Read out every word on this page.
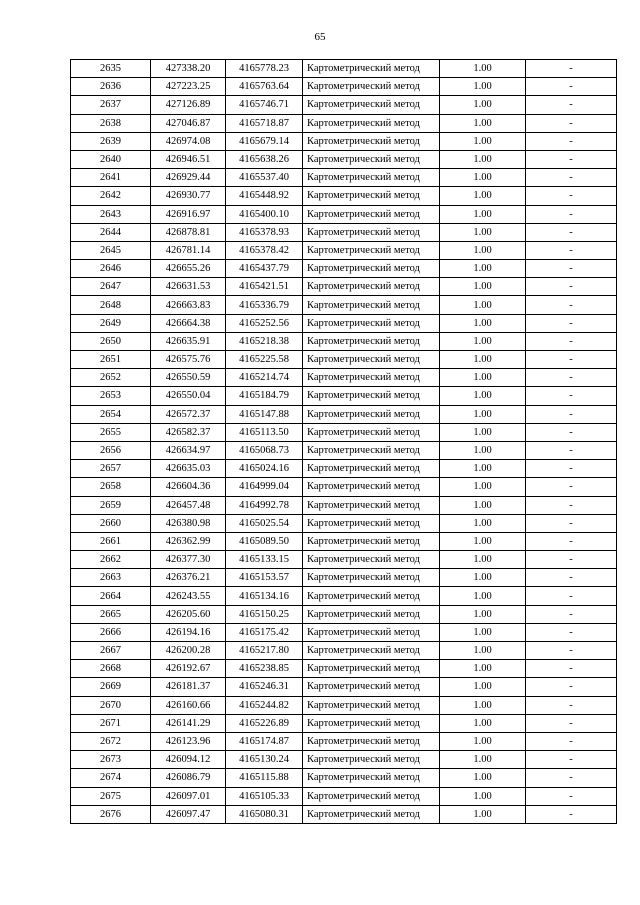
65
2635	427338.20	4165778.23	Картометрический метод	1.00	-
2636	427223.25	4165763.64	Картометрический метод	1.00	-
2637	427126.89	4165746.71	Картометрический метод	1.00	-
2638	427046.87	4165718.87	Картометрический метод	1.00	-
2639	426974.08	4165679.14	Картометрический метод	1.00	-
2640	426946.51	4165638.26	Картометрический метод	1.00	-
2641	426929.44	4165537.40	Картометрический метод	1.00	-
2642	426930.77	4165448.92	Картометрический метод	1.00	-
2643	426916.97	4165400.10	Картометрический метод	1.00	-
2644	426878.81	4165378.93	Картометрический метод	1.00	-
2645	426781.14	4165378.42	Картометрический метод	1.00	-
2646	426655.26	4165437.79	Картометрический метод	1.00	-
2647	426631.53	4165421.51	Картометрический метод	1.00	-
2648	426663.83	4165336.79	Картометрический метод	1.00	-
2649	426664.38	4165252.56	Картометрический метод	1.00	-
2650	426635.91	4165218.38	Картометрический метод	1.00	-
2651	426575.76	4165225.58	Картометрический метод	1.00	-
2652	426550.59	4165214.74	Картометрический метод	1.00	-
2653	426550.04	4165184.79	Картометрический метод	1.00	-
2654	426572.37	4165147.88	Картометрический метод	1.00	-
2655	426582.37	4165113.50	Картометрический метод	1.00	-
2656	426634.97	4165068.73	Картометрический метод	1.00	-
2657	426635.03	4165024.16	Картометрический метод	1.00	-
2658	426604.36	4164999.04	Картометрический метод	1.00	-
2659	426457.48	4164992.78	Картометрический метод	1.00	-
2660	426380.98	4165025.54	Картометрический метод	1.00	-
2661	426362.99	4165089.50	Картометрический метод	1.00	-
2662	426377.30	4165133.15	Картометрический метод	1.00	-
2663	426376.21	4165153.57	Картометрический метод	1.00	-
2664	426243.55	4165134.16	Картометрический метод	1.00	-
2665	426205.60	4165150.25	Картометрический метод	1.00	-
2666	426194.16	4165175.42	Картометрический метод	1.00	-
2667	426200.28	4165217.80	Картометрический метод	1.00	-
2668	426192.67	4165238.85	Картометрический метод	1.00	-
2669	426181.37	4165246.31	Картометрический метод	1.00	-
2670	426160.66	4165244.82	Картометрический метод	1.00	-
2671	426141.29	4165226.89	Картометрический метод	1.00	-
2672	426123.96	4165174.87	Картометрический метод	1.00	-
2673	426094.12	4165130.24	Картометрический метод	1.00	-
2674	426086.79	4165115.88	Картометрический метод	1.00	-
2675	426097.01	4165105.33	Картометрический метод	1.00	-
2676	426097.47	4165080.31	Картометрический метод	1.00	-
